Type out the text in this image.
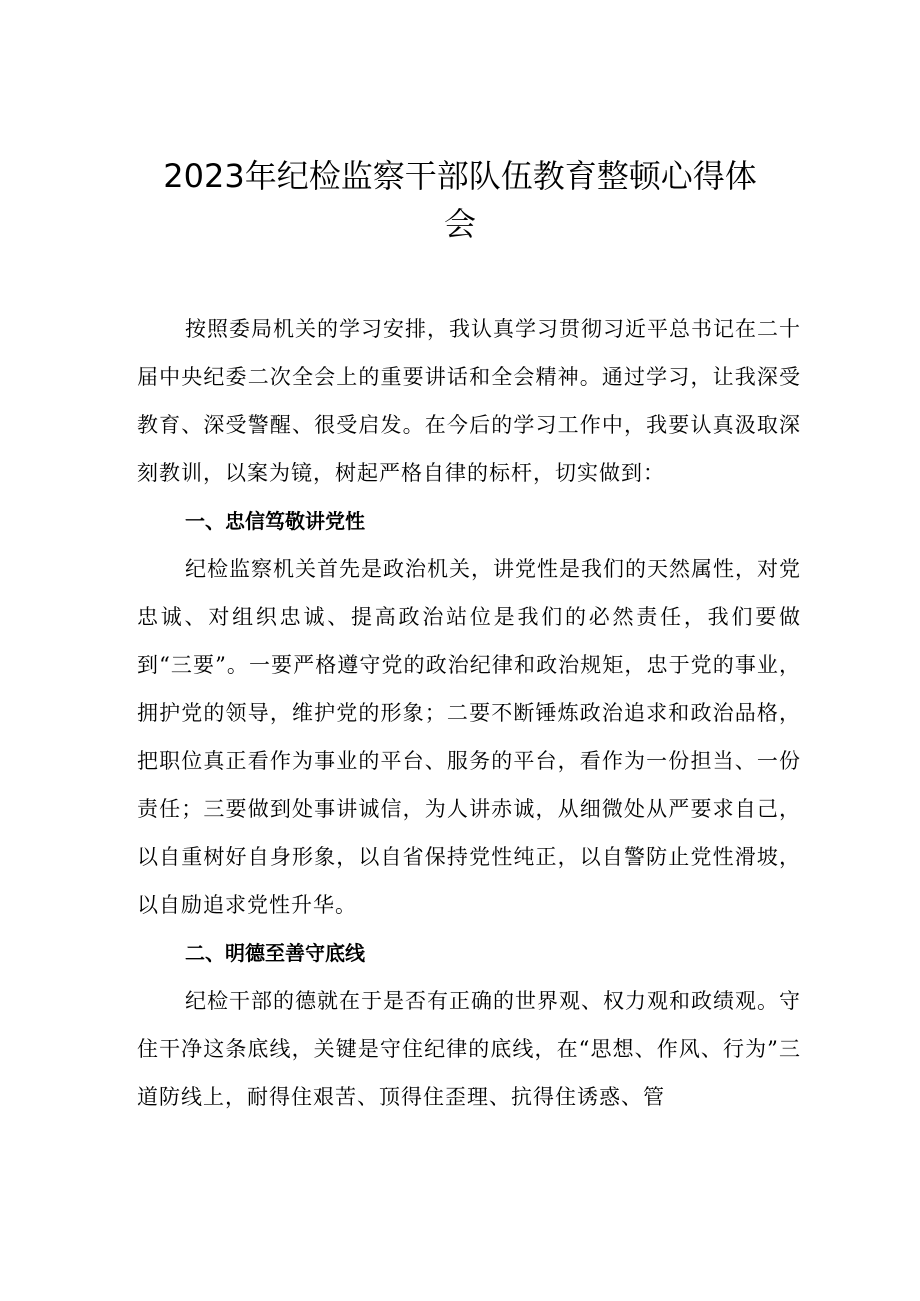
2023年纪检监察干部队伍教育整顿心得体
会

按照委局机关的学习安排，我认真学习贯彻习近平总书记在二十届中央纪委二次全会上的重要讲话和全会精神。通过学习，让我深受教育、深受警醒、很受启发。在今后的学习工作中，我要认真汲取深刻教训，以案为镜，树起严格自律的标杆，切实做到：

一、忠信笃敬讲党性

纪检监察机关首先是政治机关，讲党性是我们的天然属性，对党忠诚、对组织忠诚、提高政治站位是我们的必然责任，我们要做到“三要”。一要严格遵守党的政治纪律和政治规矩，忠于党的事业，拥护党的领导，维护党的形象；二要不断锤炼政治追求和政治品格，把职位真正看作为事业的平台、服务的平台，看作为一份担当、一份责任；三要做到处事讲诚信，为人讲赤诚，从细微处从严要求自己，以自重树好自身形象，以自省保持党性纯正，以自警防止党性滑坡，以自励追求党性升华。

二、明德至善守底线

纪检干部的德就在于是否有正确的世界观、权力观和政绩观。守住干净这条底线，关键是守住纪律的底线，在“思想、作风、行为”三道防线上，耐得住艰苦、顶得住歪理、抗得住诱惑、管
